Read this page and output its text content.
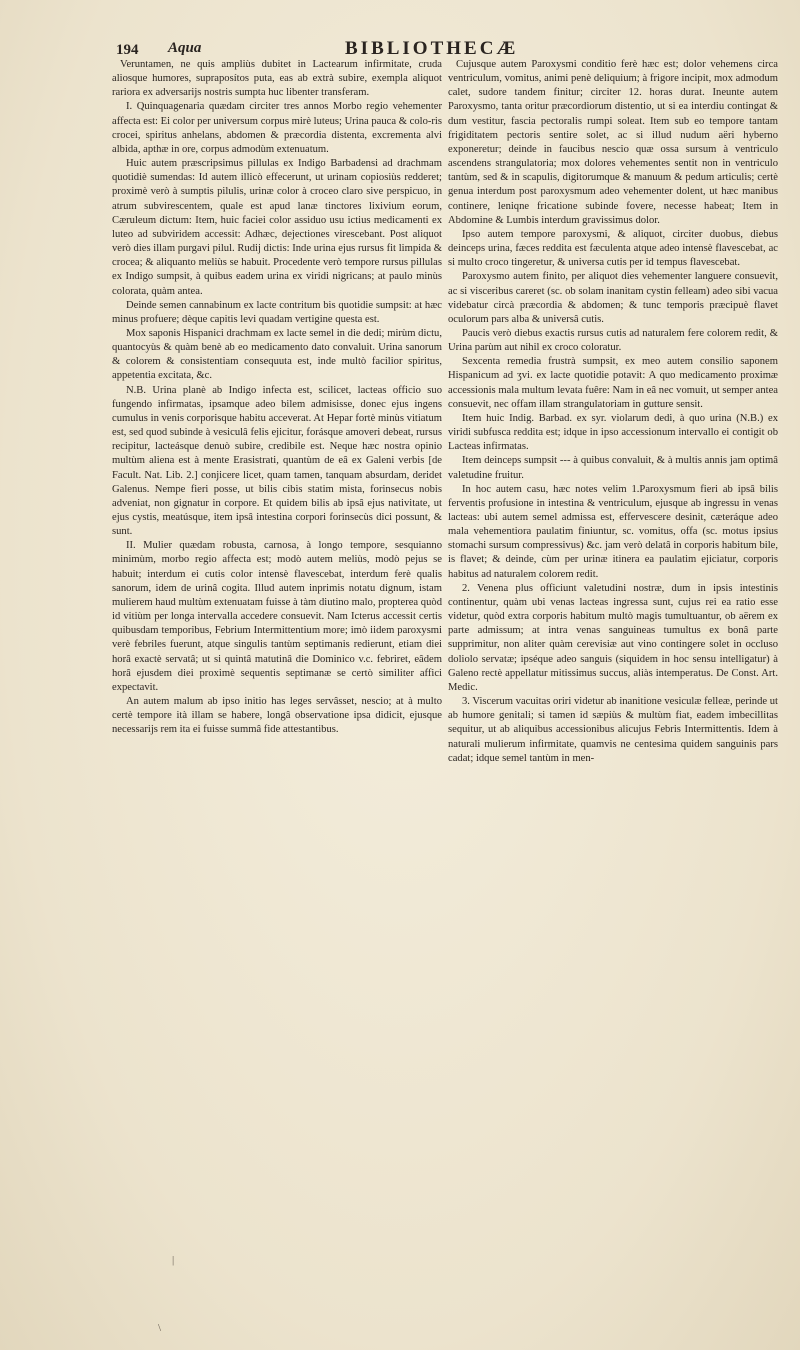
194 Aqua	BIBLIOTHECÆ

Veruntamen, ne quis ampliùs dubitet in Lactearum infirmitate, cruda aliosque humores, supraposítos puta, eas ab extrà subire, exempla aliquot rariora ex adversarijs nostris sumpta huc libenter transferam.

I. Quinquagenaria quædam circiter tres annos Morbo regio vehementer affecta est: Ei color per universum corpus mirè luteus; Urina pauca & colo-ris crocei, spiritus anhelans, abdomen & præcordia distenta, excrementa alvi albida, apthæ in ore, corpus admodùm extenuatum.

Huic autem præscripsimus pillulas ex Indigo Barbadensi ad drachmam quotidiè sumendas: Id autem illicò effecerunt, ut urinam copiosiùs redderet; proximè verò à sumptis pilulis, urinæ color à croceo claro sive perspicuo, in atrum subvirescentem, quale est apud lanæ tinctores lixivium eorum, Cæruleum dictum: Item, huic faciei color assiduo usu ictius medicamenti ex luteo ad subviridem accessit: Adhæc, dejectiones virescebant. Post aliquot verò dies illam purgavi pilul. Rudij dictis: Inde urina ejus rursus fit limpida & crocea; & aliquanto meliùs se habuit. Procedente verò tempore rursus pillulas ex Indigo sumpsit, à quibus eadem urina ex viridi nigricans; at paulo minùs colorata, quàm antea.

Deinde semen cannabinum ex lacte contritum bis quotidie sumpsit: at hæc minus profuere; dèque capitis levi quadam vertigine questa est.

Mox saponis Hispanici drachmam ex lacte semel in die dedi; mirùm dictu, quantocyùs & quàm benè ab eo medicamento dato convaluit. Urina sanorum & colorem & consistentiam consequuta est, inde multò facilior spiritus, appetentia excitata, &c.

N.B. Urina planè ab Indigo infecta est, scilicet, lacteas officio suo fungendo infirmatas, ipsamque adeo bilem admisisse, donec ejus ingens cumulus in venis corporisque habitu acceverat. At Hepar fortè minùs vitiatum est, sed quod subinde à vesiculâ felis ejicitur, forásque amoveri debeat, rursus recipitur, lacteásque denuò subire, credibile est. Neque hæc nostra opinio multùm aliena est à mente Erasistrati, quantùm de eâ ex Galeni verbis [de Facult. Nat. Lib. 2.] conjicere licet, quam tamen, tanquam absurdam, deridet Galenus. Nempe fieri posse, ut bilis cibis statim mista, forinsecus nobis adveniat, non gignatur in corpore. Et quidem bilis ab ipsâ ejus nativitate, ut ejus cystis, meatúsque, item ipsâ intestina corpori forinsecùs dici possunt, & sunt.

II. Mulier quædam robusta, carnosa, à longo tempore, sesquianno minimùm, morbo regio affecta est; modò autem meliùs, modò pejus se habuit; interdum ei cutis color intensè flavescebat, interdum ferè qualis sanorum, idem de urinâ cogita. Illud autem inprimis notatu dignum, istam mulierem haud multùm extenuatam fuisse à tàm diutino malo, propterea quòd id vitiùm per longa intervalla accedere consuevit. Nam Icterus accessit certis quibusdam temporibus, Febrium Intermittentium more; imò iidem paroxysmi verè febriles fuerunt, atque singulis tantùm septimanis redierunt, etiam diei horâ exactè servatâ; ut si quintâ matutinâ die Dominico v.c. febriret, eâdem horâ ejusdem diei proximè sequentis septimanæ se certò similiter affici expectavit.

An autem malum ab ipso initio has leges servâsset, nescio; at à multo certè tempore ità illam se habere, longâ observatione ipsa didicit, ejusque necessarijs rem ita ei fuisse summâ fide attestantibus.

Cujusque autem Paroxysmi conditio ferè hæc est; dolor vehemens circa ventriculum, vomitus, animi penè deliquium; à frigore incipit, mox admodum calet, sudore tandem finitur; circiter 12. horas durat. Ineunte autem Paroxysmo, tanta oritur præcordiorum distentio, ut si ea interdiu contingat & dum vestitur, fascia pectoralis rumpi soleat. Item sub eo tempore tantam frigiditatem pectoris sentire solet, ac si illud nudum aëri hyberno exponeretur; deinde in faucibus nescio quæ ossa sursum à ventriculo ascendens strangulatoria; mox dolores vehementes sentit non in ventriculo tantùm, sed & in scapulis, digitorumque & manuum & pedum articulis; certè genua interdum post paroxysmum adeo vehementer dolent, ut hæc manibus continere, leniqne fricatione subinde fovere, necesse habeat; Item in Abdomine & Lumbis interdum gravissimus dolor.

Ipso autem tempore paroxysmi, & aliquot, circiter duobus, diebus deinceps urina, fæces reddita est fæculenta atque adeo intensè flavescebat, ac si multo croco tingeretur, & universa cutis per id tempus flavescebat.

Paroxysmo autem finito, per aliquot dies vehementer languere consuevit, ac si visceribus careret (sc. ob solam inanitam cystin felleam) adeo sibi vacua videbatur circà præcordia & abdomen; & tunc temporis præcipuè flavet oculorum pars alba & universâ cutis.

Paucis verò diebus exactis rursus cutis ad naturalem fere colorem redit, & Urina parùm aut nihil ex croco coloratur.

Sexcenta remedia frustrà sumpsit, ex meo autem consilio saponem Hispanicum ad ʒvi. ex lacte quotidie potavit: A quo medicamento proximæ accessionis mala multum levata fuêre: Nam in eâ nec vomuit, ut semper antea consuevit, nec offam illam strangulatoriam in gutture sensit.

Item huic Indig. Barbad. ex syr. violarum dedi, à quo urina (N.B.) ex viridi subfusca reddita est; idque in ipso accessionum intervallo ei contigit ob Lacteas infirmatas.

Item deinceps sumpsit --- à quibus convaluit, & à multis annis jam optimâ valetudine fruitur.

In hoc autem casu, hæc notes velim 1.Paroxysmum fieri ab ipsâ bilis ferventis profusione in intestina & ventriculum, ejusque ab ingressu in venas lacteas: ubi autem semel admissa est, effervescere desinit, cæteráque adeo mala vehementiora paulatim finiuntur, sc. vomitus, offa (sc. motus ipsius stomachi sursum compressivus) &c. jam verò delatâ in corporis habitum bile, is flavet; & deinde, cùm per urinæ itinera ea paulatim ejiciatur, corporis habitus ad naturalem colorem redit.

2. Venena plus officiunt valetudini nostræ, dum in ipsis intestinis continentur, quàm ubi venas lacteas ingressa sunt, cujus rei ea ratio esse videtur, quòd extra corporis habitum multò magis tumultuantur, ob aërem ex parte admissum; at intra venas sanguineas tumultus ex bonâ parte supprimitur, non aliter quàm cerevisiæ aut vino contingere solet in occluso doliolo servatæ; ipséque adeo sanguis (siquidem in hoc sensu intelligatur) à Galeno rectè appellatur mitissimus succus, aliàs intemperatus. De Const. Art. Medic.

3. Viscerum vacuitas oriri videtur ab inanitione vesiculæ felleæ, perinde ut ab humore genitali; si tamen id sæpiùs & multùm fiat, eadem imbecillitas sequitur, ut ab aliquibus accessionibus alicujus Febris Intermittentis. Idem à naturali mulierum infirmitate, quamvis ne centesima quidem sanguinis pars cadat; idque semel tantùm in men-

|
\
